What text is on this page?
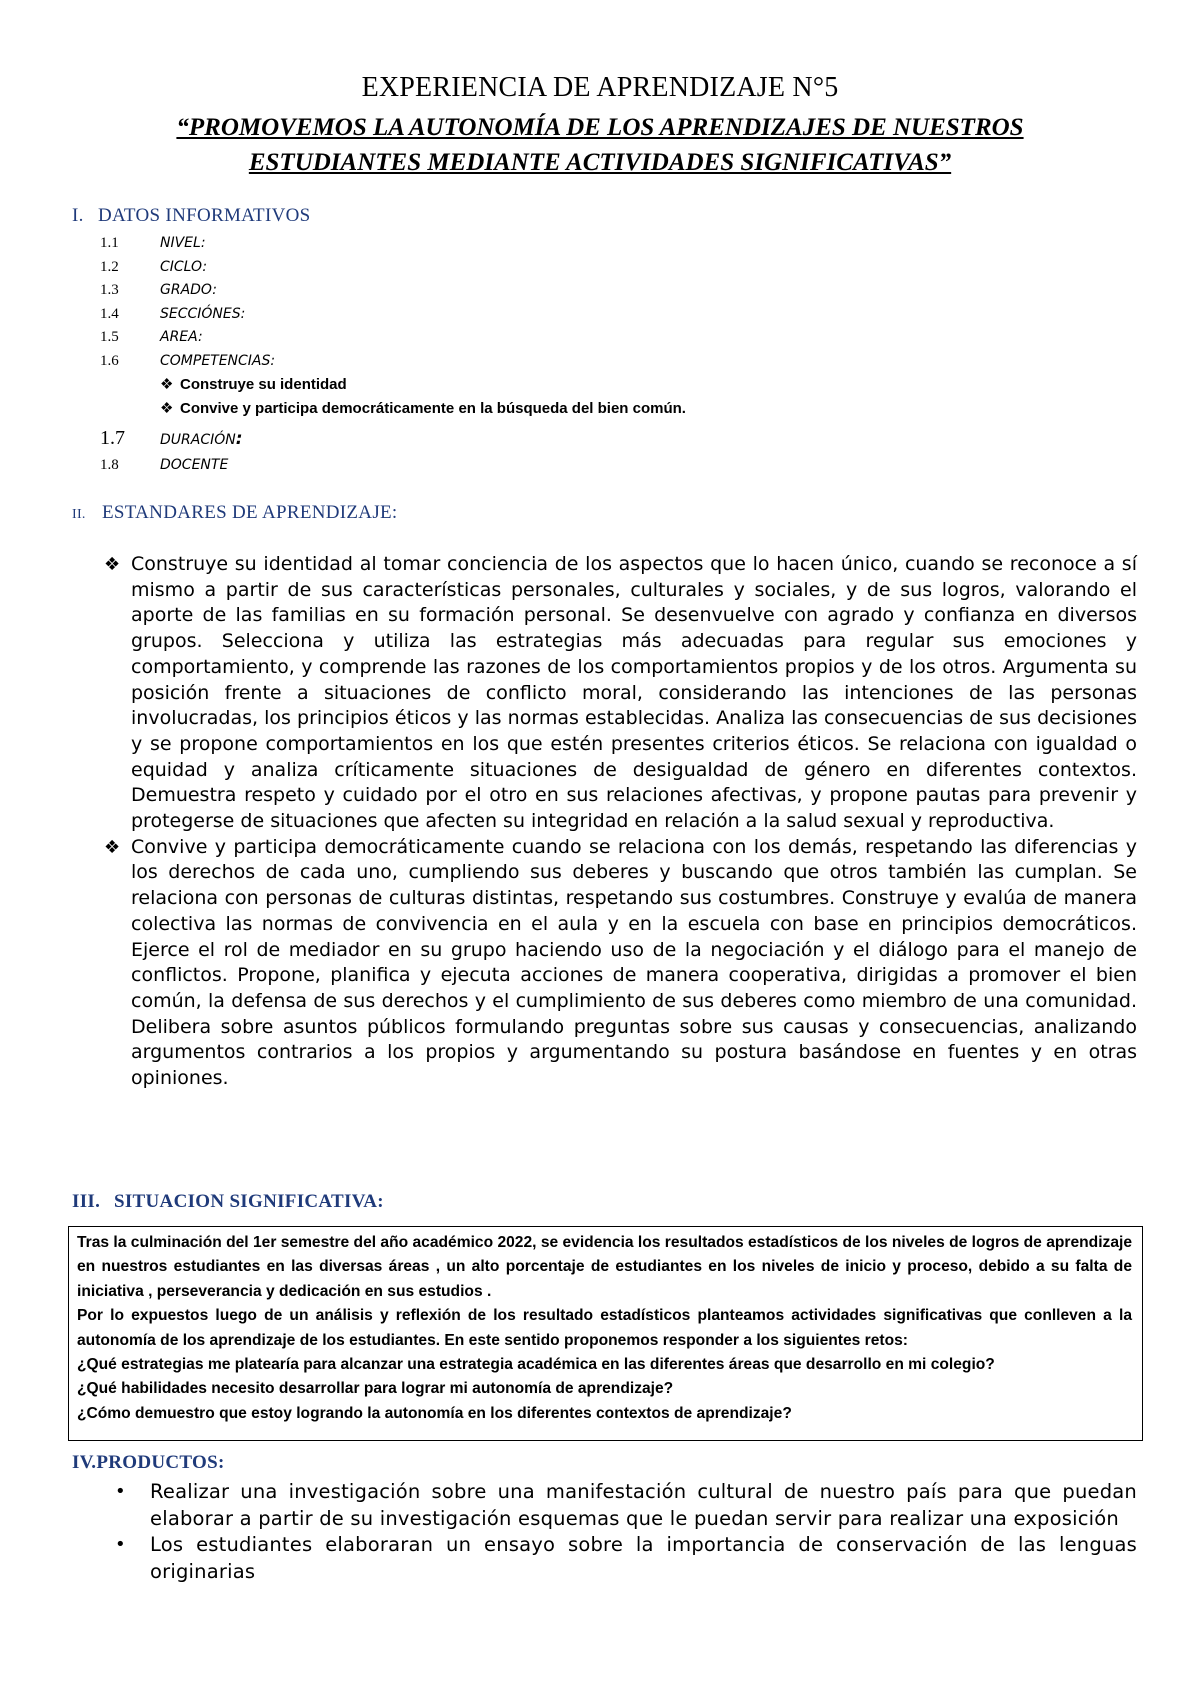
EXPERIENCIA DE APRENDIZAJE N°5
“PROMOVEMOS LA AUTONOMÍA DE LOS APRENDIZAJES DE NUESTROS
ESTUDIANTES MEDIANTE ACTIVIDADES SIGNIFICATIVAS”
I. DATOS INFORMATIVOS
1.1	NIVEL:
1.2	CICLO:
1.3	GRADO:
1.4	SECCIÓNES:
1.5	AREA:
1.6	COMPETENCIAS:
❖ Construye su identidad
❖ Convive y participa democráticamente en la búsqueda del bien común.
1.7	DURACIÓN:
1.8	DOCENTE
II. ESTANDARES DE APRENDIZAJE:
❖ Construye su identidad al tomar conciencia de los aspectos que lo hacen único, cuando se reconoce a sí mismo a partir de sus características personales, culturales y sociales, y de sus logros, valorando el aporte de las familias en su formación personal. Se desenvuelve con agrado y confianza en diversos grupos. Selecciona y utiliza las estrategias más adecuadas para regular sus emociones y comportamiento, y comprende las razones de los comportamientos propios y de los otros. Argumenta su posición frente a situaciones de conflicto moral, considerando las intenciones de las personas involucradas, los principios éticos y las normas establecidas. Analiza las consecuencias de sus decisiones y se propone comportamientos en los que estén presentes criterios éticos. Se relaciona con igualdad o equidad y analiza críticamente situaciones de desigualdad de género en diferentes contextos. Demuestra respeto y cuidado por el otro en sus relaciones afectivas, y propone pautas para prevenir y protegerse de situaciones que afecten su integridad en relación a la salud sexual y reproductiva.
❖ Convive y participa democráticamente cuando se relaciona con los demás, respetando las diferencias y los derechos de cada uno, cumpliendo sus deberes y buscando que otros también las cumplan. Se relaciona con personas de culturas distintas, respetando sus costumbres. Construye y evalúa de manera colectiva las normas de convivencia en el aula y en la escuela con base en principios democráticos. Ejerce el rol de mediador en su grupo haciendo uso de la negociación y el diálogo para el manejo de conflictos. Propone, planifica y ejecuta acciones de manera cooperativa, dirigidas a promover el bien común, la defensa de sus derechos y el cumplimiento de sus deberes como miembro de una comunidad. Delibera sobre asuntos públicos formulando preguntas sobre sus causas y consecuencias, analizando argumentos contrarios a los propios y argumentando su postura basándose en fuentes y en otras opiniones.
III. SITUACION SIGNIFICATIVA:

Tras la culminación del 1er semestre del año académico 2022, se evidencia los resultados estadísticos de los niveles de logros de aprendizaje en nuestros estudiantes en las diversas áreas , un alto porcentaje de estudiantes en los niveles de inicio y proceso, debido a su falta de iniciativa , perseverancia y dedicación en sus estudios .

Por lo expuestos luego de un análisis y reflexión de los resultado estadísticos planteamos actividades significativas que conlleven a la autonomía de los aprendizaje de los estudiantes. En este sentido proponemos responder a los siguientes retos:

¿Qué estrategias me platearía para alcanzar una estrategia académica en las diferentes áreas que desarrollo en mi colegio?

¿Qué habilidades necesito desarrollar para lograr mi autonomía de aprendizaje?

¿Cómo demuestro que estoy logrando la autonomía en los diferentes contextos de aprendizaje?

IV.PRODUCTOS:
• Realizar una investigación sobre una manifestación cultural de nuestro país para que puedan elaborar a partir de su investigación esquemas que le puedan servir para realizar una exposición
• Los estudiantes elaboraran un ensayo sobre la importancia de conservación de las lenguas originarias
